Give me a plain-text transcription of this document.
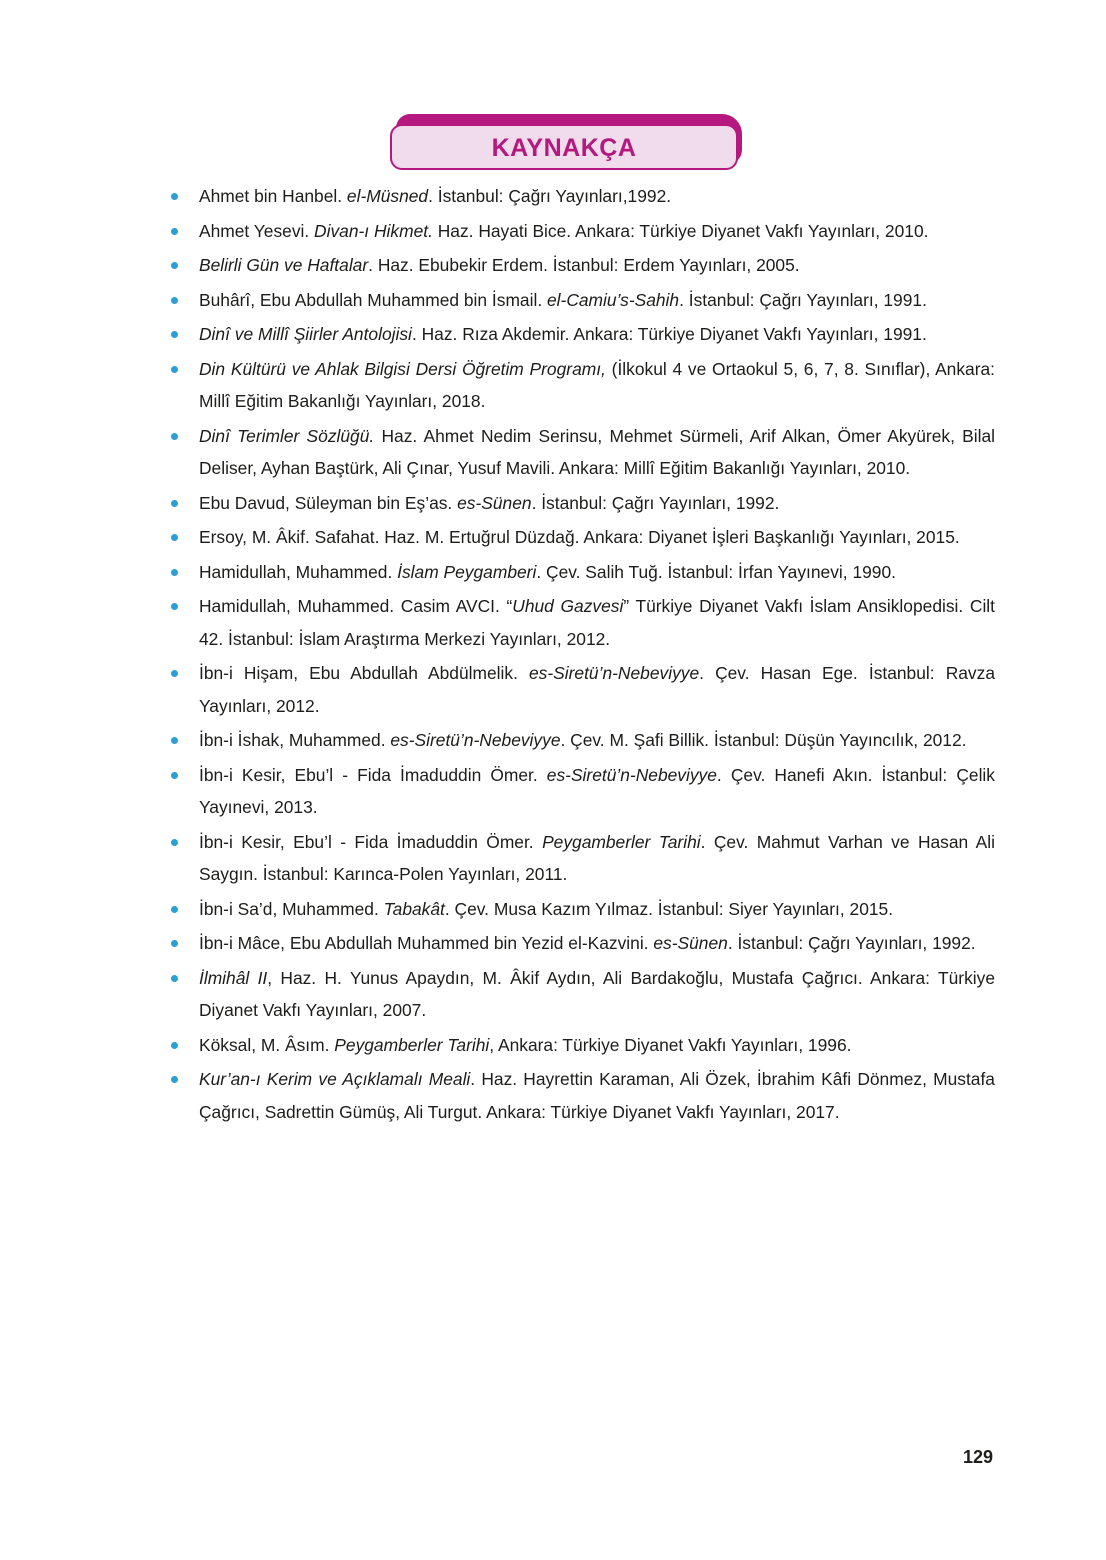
KAYNAKÇA
Ahmet bin Hanbel. el-Müsned. İstanbul: Çağrı Yayınları,1992.
Ahmet Yesevi. Divan-ı Hikmet. Haz. Hayati Bice. Ankara: Türkiye Diyanet Vakfı Yayınları, 2010.
Belirli Gün ve Haftalar. Haz. Ebubekir Erdem. İstanbul: Erdem Yayınları, 2005.
Buhârî, Ebu Abdullah Muhammed bin İsmail. el-Camiu’s-Sahih. İstanbul: Çağrı Yayınları, 1991.
Dinî ve Millî Şiirler Antolojisi. Haz. Rıza Akdemir. Ankara: Türkiye Diyanet Vakfı Yayınları, 1991.
Din Kültürü ve Ahlak Bilgisi Dersi Öğretim Programı, (İlkokul 4 ve Ortaokul 5, 6, 7, 8. Sınıflar), Ankara: Millî Eğitim Bakanlığı Yayınları, 2018.
Dinî Terimler Sözlüğü. Haz. Ahmet Nedim Serinsu, Mehmet Sürmeli, Arif Alkan, Ömer Akyürek, Bilal Deliser, Ayhan Baştürk, Ali Çınar, Yusuf Mavili. Ankara: Millî Eğitim Bakanlığı Yayınları, 2010.
Ebu Davud, Süleyman bin Eş’as. es-Sünen. İstanbul: Çağrı Yayınları, 1992.
Ersoy, M. Âkif. Safahat. Haz. M. Ertuğrul Düzdağ. Ankara: Diyanet İşleri Başkanlığı Yayınları, 2015.
Hamidullah, Muhammed. İslam Peygamberi. Çev. Salih Tuğ. İstanbul: İrfan Yayınevi, 1990.
Hamidullah, Muhammed. Casim AVCI. “Uhud Gazvesi” Türkiye Diyanet Vakfı İslam Ansiklopedisi. Cilt 42. İstanbul: İslam Araştırma Merkezi Yayınları, 2012.
İbn-i Hişam, Ebu Abdullah Abdülmelik. es-Siretü’n-Nebeviyye. Çev. Hasan Ege. İstanbul: Ravza Yayınları, 2012.
İbn-i İshak, Muhammed. es-Siretü’n-Nebeviyye. Çev. M. Şafi Billik. İstanbul: Düşün Yayıncılık, 2012.
İbn-i Kesir, Ebu’l - Fida İmaduddin Ömer. es-Siretü’n-Nebeviyye. Çev. Hanefi Akın. İstanbul: Çelik Yayınevi, 2013.
İbn-i Kesir, Ebu’l - Fida İmaduddin Ömer. Peygamberler Tarihi. Çev. Mahmut Varhan ve Hasan Ali Saygın. İstanbul: Karınca-Polen Yayınları, 2011.
İbn-i Sa’d, Muhammed. Tabakât. Çev. Musa Kazım Yılmaz. İstanbul: Siyer Yayınları, 2015.
İbn-i Mâce, Ebu Abdullah Muhammed bin Yezid el-Kazvini. es-Sünen. İstanbul: Çağrı Yayınları, 1992.
İlmihâl II, Haz. H. Yunus Apaydın, M. Âkif Aydın, Ali Bardakoğlu, Mustafa Çağrıcı. Ankara: Türkiye Diyanet Vakfı Yayınları, 2007.
Köksal, M. Âsım. Peygamberler Tarihi, Ankara: Türkiye Diyanet Vakfı Yayınları, 1996.
Kur’an-ı Kerim ve Açıklamalı Meali. Haz. Hayrettin Karaman, Ali Özek, İbrahim Kâfi Dönmez, Mustafa Çağrıcı, Sadrettin Gümüş, Ali Turgut. Ankara: Türkiye Diyanet Vakfı Yayınları, 2017.
129
